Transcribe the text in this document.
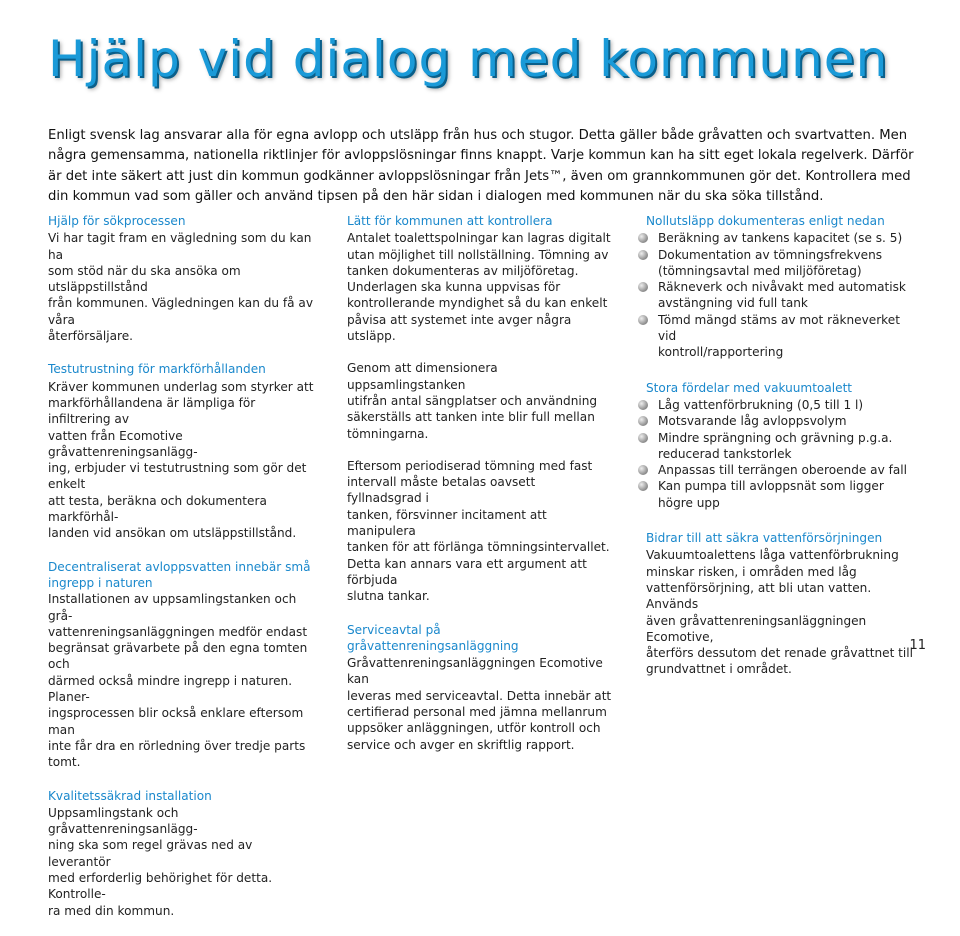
Hjälp vid dialog med kommunen

Enligt svensk lag ansvarar alla för egna avlopp och utsläpp från hus och stugor. Detta gäller både gråvatten och svartvatten. Men några gemensamma, nationella riktlinjer för avloppslösningar finns knappt. Varje kommun kan ha sitt eget lokala regelverk. Därför är det inte säkert att just din kommun godkänner avloppslösningar från Jets™, även om grannkommunen gör det. Kontrollera med din kommun vad som gäller och använd tipsen på den här sidan i dialogen med kommunen när du ska söka tillstånd.

Hjälp för sökprocessen

Vi har tagit fram en vägledning som du kan ha
som stöd när du ska ansöka om utsläppstillstånd
från kommunen. Vägledningen kan du få av våra
återförsäljare.

Testutrustning för markförhållanden

Kräver kommunen underlag som styrker att
markförhållandena är lämpliga för infiltrering av
vatten från Ecomotive gråvattenreningsanlägg-
ing, erbjuder vi testutrustning som gör det enkelt
att testa, beräkna och dokumentera markförhål-
landen vid ansökan om utsläppstillstånd.

Decentraliserat avloppsvatten innebär små
ingrepp i naturen

Installationen av uppsamlingstanken och grå-
vattenreningsanläggningen medför endast
begränsat grävarbete på den egna tomten och
därmed också mindre ingrepp i naturen. Planer-
ingsprocessen blir också enklare eftersom man
inte får dra en rörledning över tredje parts tomt.

Kvalitetssäkrad installation

Uppsamlingstank och gråvattenreningsanlägg-
ning ska som regel grävas ned av leverantör
med erforderlig behörighet för detta. Kontrolle-
ra med din kommun.

Lätt för kommunen att kontrollera

Antalet toalettspolningar kan lagras digitalt
utan möjlighet till nollställning. Tömning av
tanken dokumenteras av miljöföretag.
Underlagen ska kunna uppvisas för
kontrollerande myndighet så du kan enkelt
påvisa att systemet inte avger några utsläpp.

Genom att dimensionera uppsamlingstanken
utifrån antal sängplatser och användning
säkerställs att tanken inte blir full mellan
tömningarna.

Eftersom periodiserad tömning med fast
intervall måste betalas oavsett fyllnadsgrad i
tanken, försvinner incitament att manipulera
tanken för att förlänga tömningsintervallet.
Detta kan annars vara ett argument att förbjuda
slutna tankar.

Serviceavtal på gråvattenreningsanläggning

Gråvattenreningsanläggningen Ecomotive kan
leveras med serviceavtal. Detta innebär att
certifierad personal med jämna mellanrum
uppsöker anläggningen, utför kontroll och
service och avger en skriftlig rapport.

Nollutsläpp dokumenteras enligt nedan

Beräkning av tankens kapacitet (se s. 5)
Dokumentation av tömningsfrekvens
(tömningsavtal med miljöföretag)
Räkneverk och nivåvakt med automatisk
avstängning vid full tank
Tömd mängd stäms av mot räkneverket vid
kontroll/rapportering

Stora fördelar med vakuumtoalett

Låg vattenförbrukning (0,5 till 1 l)
Motsvarande låg avloppsvolym
Mindre sprängning och grävning p.g.a.
reducerad tankstorlek
Anpassas till terrängen oberoende av fall
Kan pumpa till avloppsnät som ligger högre upp

Bidrar till att säkra vattenförsörjningen

Vakuumtoalettens låga vattenförbrukning
minskar risken, i områden med låg
vattenförsörjning, att bli utan vatten. Används
även gråvattenreningsanläggningen Ecomotive,
återförs dessutom det renade gråvattnet till
grundvattnet i området.

11
